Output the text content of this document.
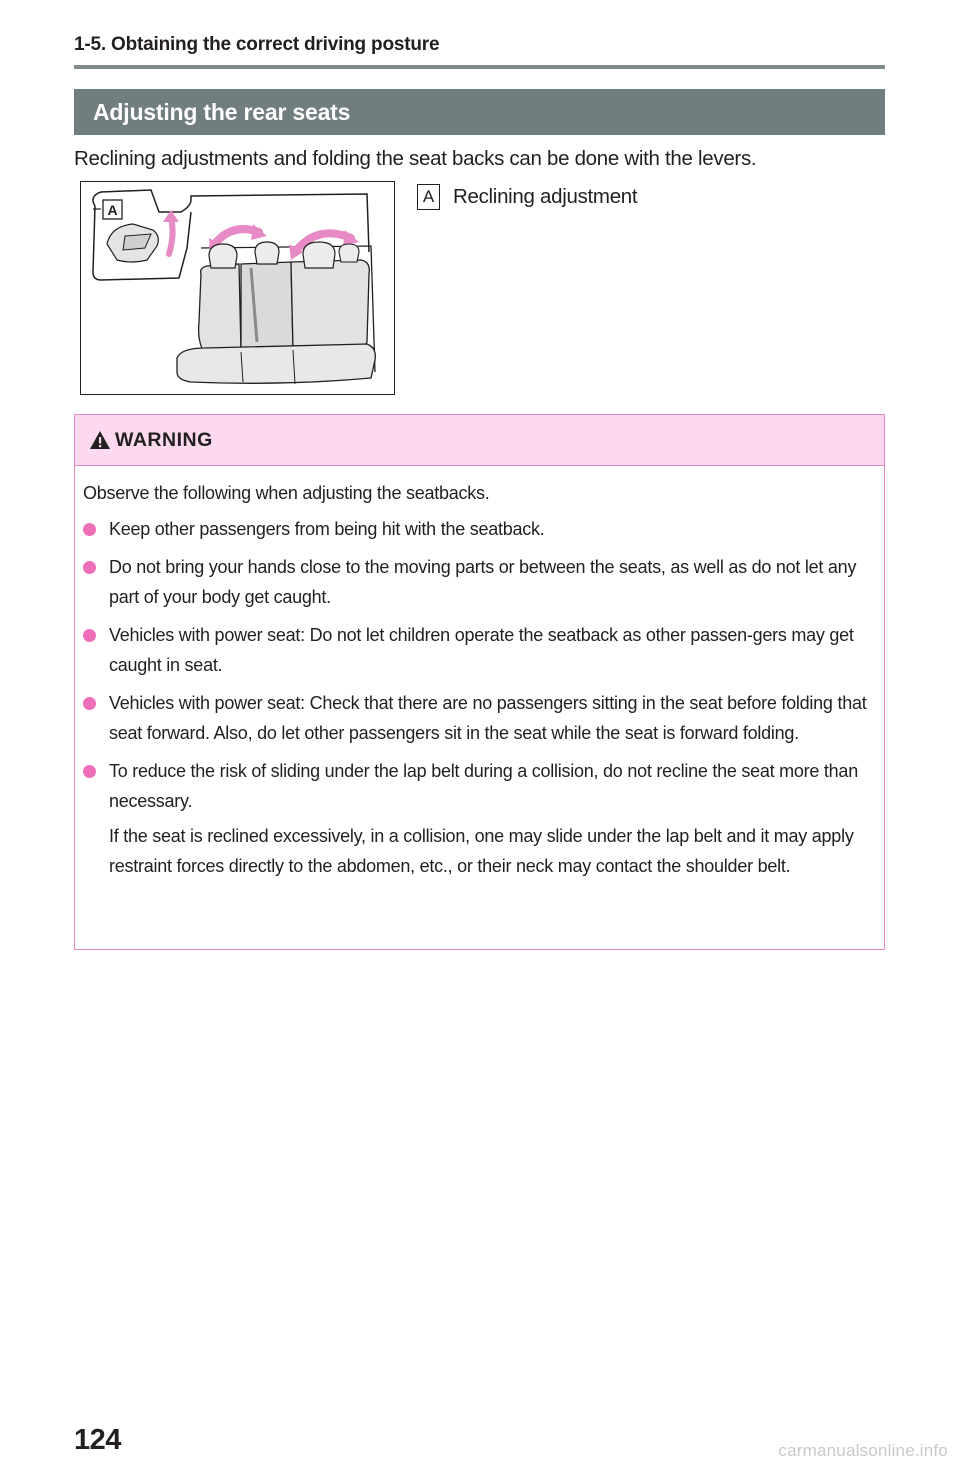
1-5. Obtaining the correct driving posture
Adjusting the rear seats
Reclining adjustments and folding the seat backs can be done with the levers.
A
A Reclining adjustment
WARNING

Observe the following when adjusting the seatbacks.

Keep other passengers from being hit with the seatback.
Do not bring your hands close to the moving parts or between the seats, as well as do not let any part of your body get caught.
Vehicles with power seat: Do not let children operate the seatback as other passen-gers may get caught in seat.
Vehicles with power seat: Check that there are no passengers sitting in the seat before folding that seat forward. Also, do let other passengers sit in the seat while the seat is forward folding.
To reduce the risk of sliding under the lap belt during a collision, do not recline the seat more than necessary.

If the seat is reclined excessively, in a collision, one may slide under the lap belt and it may apply restraint forces directly to the abdomen, etc., or their neck may contact the shoulder belt.

124	carmanualsonline.info
